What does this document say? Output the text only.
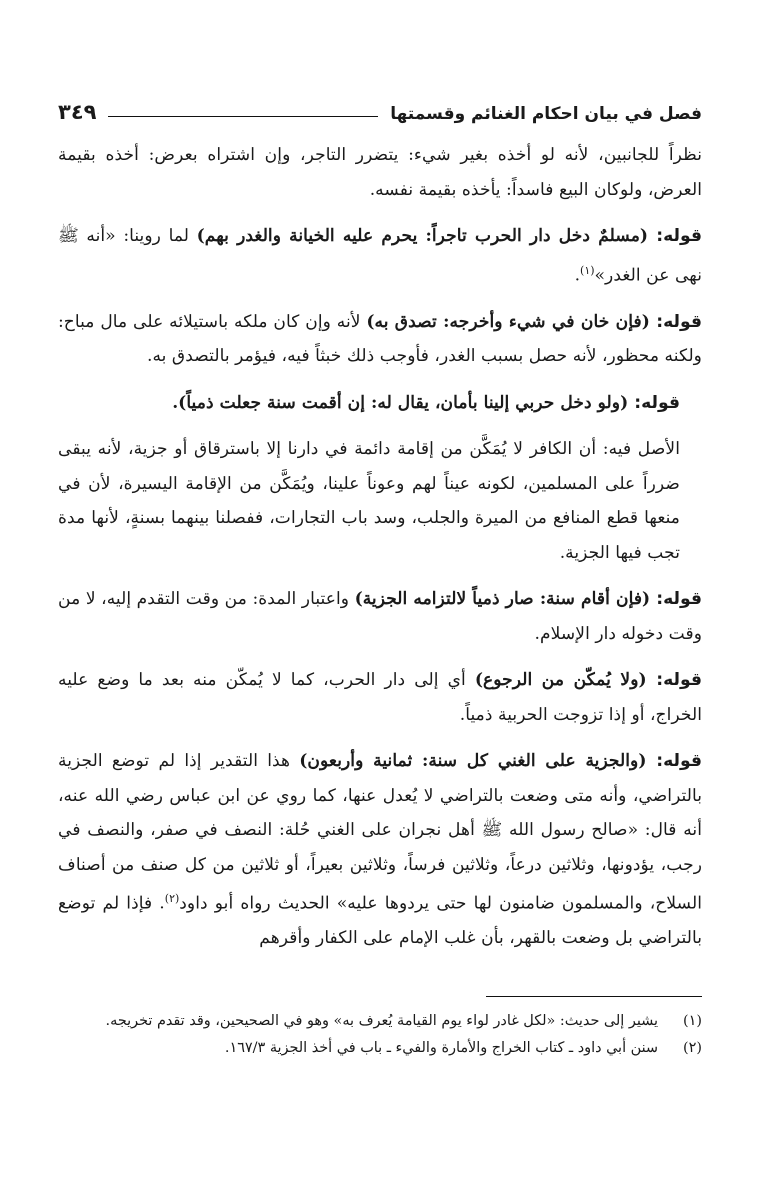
فصل في بيان احكام الغنائم وقسمتها
٣٤٩

نظراً للجانبين، لأنه لو أخذه بغير شيء: يتضرر التاجر، وإن اشتراه بعرض: أخذه بقيمة العرض، ولوكان البيع فاسداً: يأخذه بقيمة نفسه.

قوله: (مسلمٌ دخل دار الحرب تاجراً: يحرم عليه الخيانة والغدر بهم) لما روينا: «أنه ﷺ نهى عن الغدر»$^{(١)}$.

قوله: (فإن خان في شيء وأخرجه: تصدق به) لأنه وإن كان ملكه باستيلائه على مال مباح: ولكنه محظور، لأنه حصل بسبب الغدر، فأوجب ذلك خبثاً فيه، فيؤمر بالتصدق به.

قوله: (ولو دخل حربي إلينا بأمان، يقال له: إن أقمت سنة جعلت ذمياً).

الأصل فيه: أن الكافر لا يُمَكَّن من إقامة دائمة في دارنا إلا باسترقاق أو جزية، لأنه يبقى ضرراً على المسلمين، لكونه عيناً لهم وعوناً علينا، ويُمَكَّن من الإقامة اليسيرة، لأن في منعها قطع المنافع من الميرة والجلب، وسد باب التجارات، ففصلنا بينهما بسنةٍ، لأنها مدة تجب فيها الجزية.

قوله: (فإن أقام سنة: صار ذمياً لالتزامه الجزية) واعتبار المدة: من وقت التقدم إليه، لا من وقت دخوله دار الإسلام.

قوله: (ولا يُمكّن من الرجوع) أي إلى دار الحرب، كما لا يُمكّن منه بعد ما وضع عليه الخراج، أو إذا تزوجت الحربية ذمياً.

قوله: (والجزية على الغني كل سنة: ثمانية وأربعون) هذا التقدير إذا لم توضع الجزية بالتراضي، وأنه متى وضعت بالتراضي لا يُعدل عنها، كما روي عن ابن عباس رضي الله عنه، أنه قال: «صالح رسول الله ﷺ أهل نجران على الغني حُلة: النصف في صفر، والنصف في رجب، يؤدونها، وثلاثين درعاً، وثلاثين فرساً، وثلاثين بعيراً، أو ثلاثين من كل صنف من أصناف السلاح، والمسلمون ضامنون لها حتى يردوها عليه» الحديث رواه أبو داود$^{(٢)}$. فإذا لم توضع بالتراضي بل وضعت بالقهر، بأن غلب الإمام على الكفار وأقرهم

(١)
يشير إلى حديث: «لكل غادر لواء يوم القيامة يُعرف به» وهو في الصحيحين، وقد تقدم تخريجه.
(٢)
سنن أبي داود ـ كتاب الخراج والأمارة والفيء ـ باب في أخذ الجزية ١٦٧/٣.
